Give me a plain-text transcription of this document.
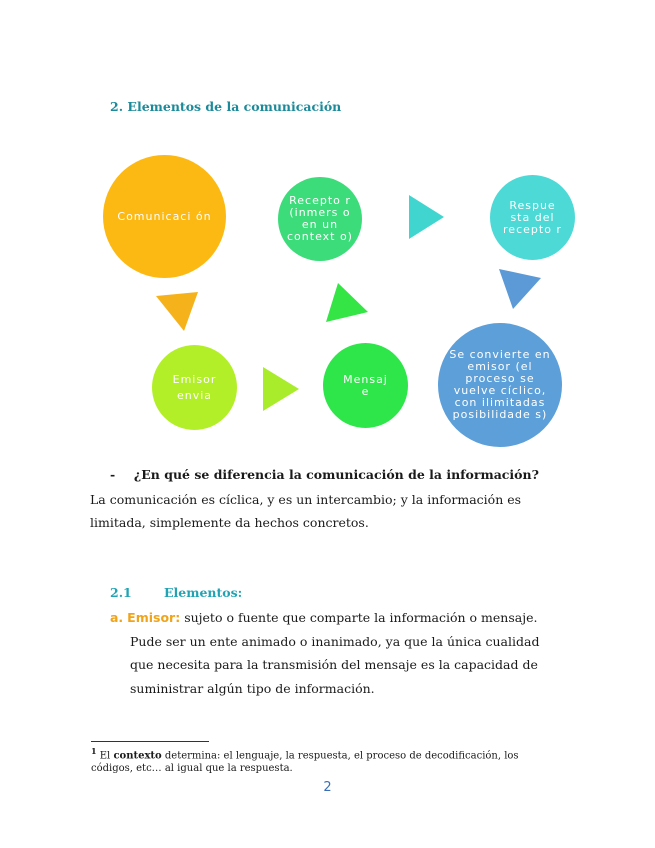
2. Elementos de la comunicación
Comunicaci ón
Recepto r (inmers o en un context o)
Respue sta del recepto r
Emisor envia
Mensaj e
Se convierte en emisor (el proceso se vuelve cíclico, con ilimitadas posibilidade s)
- ¿En qué se diferencia la comunicación de la información?
La comunicación es cíclica, y es un intercambio; y la información es
limitada, simplemente da hechos concretos.
2.1	Elementos:
a. Emisor: sujeto o fuente que comparte la información o mensaje.
Pude ser un ente animado o inanimado, ya que la única cualidad
que necesita para la transmisión del mensaje es la capacidad de
suministrar algún tipo de información.
$^1$ El contexto determina: el lenguaje, la respuesta, el proceso de decodificación, los
códigos, etc… al igual que la respuesta.
2
